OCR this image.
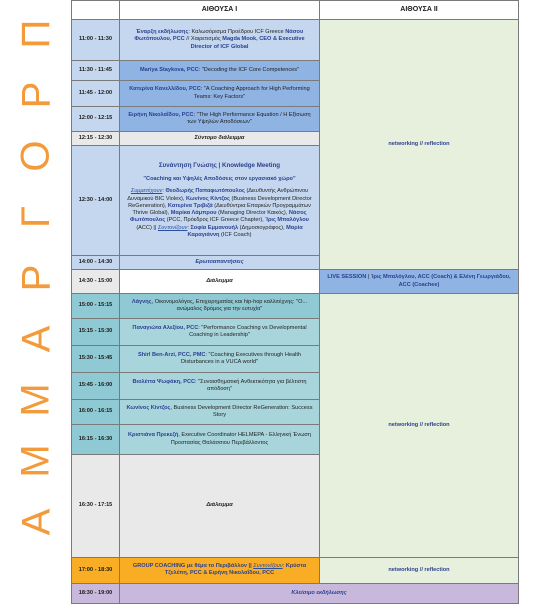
Π
Ρ
Ο
Γ
Ρ
Α
Μ
Μ
Α
	ΑΙΘΟΥΣΑ Ι	ΑΙΘΟΥΣΑ ΙΙ	
11:00 - 11:30	Έναρξη εκδήλωσης: Καλωσόρισμα Προέδρου ICF Greece Νάσου Φωτόπουλου, PCC // Χαιρετισμός Magda Mook, CEO & Executive Director of ICF Global	networking // reflection	
11:30 - 11:45	Mariya Staykova, PCC: "Decoding the ICF Core Competences"		
11:45 - 12:00	Κατερίνα Κανελλίδου, PCC: "A Coaching Approach for High Performing Teams: Key Factors"		
12:00 - 12:15	Ειρήνη Νικολαΐδου, PCC: "The High Performance Equation / Η Εξίσωση των Υψηλών Αποδόσεων"		
12:15 - 12:30	Σύντομο διάλειμμα		
12:30 - 14:00	Συνάντηση Γνώσης | Knowledge Meeting
"Coaching και Υψηλές Αποδόσεις στον εργασιακό χώρο"
Συμμετέχουν: Θεοδωρής Παπαφωτόπουλος (Διευθυντής Ανθρώπινου Δυναμικού BIC Violex), Κωνίνος Κίντζος (Business Development Director ReGeneration), Κατερίνα Τριβιζά (Διευθύντρια Επαρκών Προγραμμάτων Thrive Global), Μαρίκα Λάμπρου (Managing Director Καικός), Νάσος Φωτόπουλος (PCC, Πρόεδρος ICF Greece Chapter), Ίρις Μπαλόγλου (ACC) || Συντονίζουν: Σοφία Εμμανουήλ (Δημοσιογράφος), Μαρία Καραγιάννη (ICF Coach)		

14:00 - 14:30	Ερωτοαπαντήσεις		
14:30 - 15:00	Διάλειμμα	LIVE SESSION | Ίρις Μπαλόγλου, ACC (Coach) & Ελένη Γεωργιάδου, ACC (Coachee)	
15:00 - 15:15	Λάγνης, Οικονομολόγος, Επιχειρηματίας και hip-hop καλλιτέχνης: "Ο... ανώμαλος δρόμος για την ευτυχία"	networking // reflection	
15:15 - 15:30	Παναγιώτα Αλεξίου, PCC: "Performance Coaching vs Developmental Coaching in Leadership"		
15:30 - 15:45	Shirl Ben-Arzi, PCC, PMC: "Coaching Executives through Health Disturbances in a VUCA world"		
15:45 - 16:00	Βιολέττα Ψωφάκη, PCC: "Συναισθηματική Ανθεκτικότητα για βέλτιστη απόδοση"		
16:00 - 16:15	Κωνίνος Κίντζος, Business Development Director ReGeneration: Success Story		
16:15 - 16:30	Κριστιάνα Πρεκεζή, Executive Coordinator HELMEPA - Ελληνική Ένωση Προστασίας Θαλάσσιου Περιβάλλοντος		
16:30 - 17:15	Διάλειμμα	

17:00 - 18:30	GROUP COACHING με θέμα το Περιβάλλον || Συντονίζουν: Κρύστα Τζελέπη, PCC & Ειρήνη Νικολαΐδου, PCC	networking // reflection	
18:30 - 19:00	Κλείσιμο εκδήλωσης		
